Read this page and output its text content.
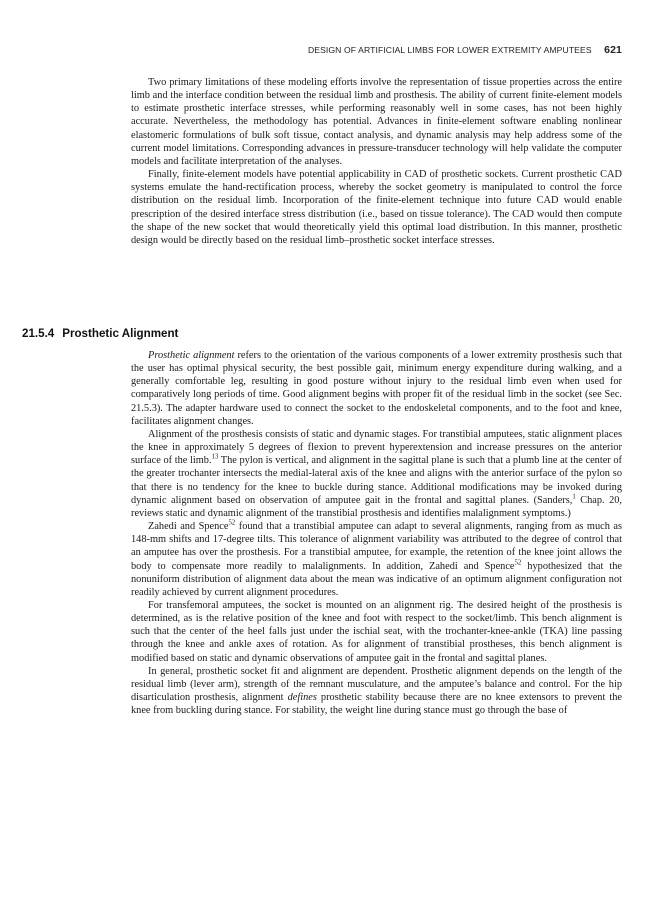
DESIGN OF ARTIFICIAL LIMBS FOR LOWER EXTREMITY AMPUTEES 621

Two primary limitations of these modeling efforts involve the representation of tissue properties across the entire limb and the interface condition between the residual limb and prosthesis. The ability of current finite-element models to estimate prosthetic interface stresses, while performing reasonably well in some cases, has not been highly accurate. Nevertheless, the methodology has potential. Advances in finite-element software enabling nonlinear elastomeric formulations of bulk soft tissue, contact analysis, and dynamic analysis may help address some of the current model limitations. Corresponding advances in pressure-transducer technology will help validate the computer models and facilitate interpretation of the analyses.

Finally, finite-element models have potential applicability in CAD of prosthetic sockets. Current prosthetic CAD systems emulate the hand-rectification process, whereby the socket geometry is manipulated to control the force distribution on the residual limb. Incorporation of the finite-element technique into future CAD would enable prescription of the desired interface stress distribution (i.e., based on tissue tolerance). The CAD would then compute the shape of the new socket that would theoretically yield this optimal load distribution. In this manner, prosthetic design would be directly based on the residual limb–prosthetic socket interface stresses.

21.5.4 Prosthetic Alignment

Prosthetic alignment refers to the orientation of the various components of a lower extremity prosthesis such that the user has optimal physical security, the best possible gait, minimum energy expenditure during walking, and a generally comfortable leg, resulting in good posture without injury to the residual limb even when used for comparatively long periods of time. Good alignment begins with proper fit of the residual limb in the socket (see Sec. 21.5.3). The adapter hardware used to connect the socket to the endoskeletal components, and to the foot and knee, facilitates alignment changes.

Alignment of the prosthesis consists of static and dynamic stages. For transtibial amputees, static alignment places the knee in approximately 5 degrees of flexion to prevent hyperextension and increase pressures on the anterior surface of the limb.$^{13}$ The pylon is vertical, and alignment in the sagittal plane is such that a plumb line at the center of the greater trochanter intersects the medial-lateral axis of the knee and aligns with the anterior surface of the pylon so that there is no tendency for the knee to buckle during stance. Additional modifications may be invoked during dynamic alignment based on observation of amputee gait in the frontal and sagittal planes. (Sanders,$^1$ Chap. 20, reviews static and dynamic alignment of the transtibial prosthesis and identifies malalignment symptoms.)

Zahedi and Spence$^{52}$ found that a transtibial amputee can adapt to several alignments, ranging from as much as 148-mm shifts and 17-degree tilts. This tolerance of alignment variability was attributed to the degree of control that an amputee has over the prosthesis. For a transtibial amputee, for example, the retention of the knee joint allows the body to compensate more readily to malalignments. In addition, Zahedi and Spence$^{52}$ hypothesized that the nonuniform distribution of alignment data about the mean was indicative of an optimum alignment configuration not readily achieved by current alignment procedures.

For transfemoral amputees, the socket is mounted on an alignment rig. The desired height of the prosthesis is determined, as is the relative position of the knee and foot with respect to the socket/limb. This bench alignment is such that the center of the heel falls just under the ischial seat, with the trochanter-knee-ankle (TKA) line passing through the knee and ankle axes of rotation. As for alignment of transtibial prostheses, this bench alignment is modified based on static and dynamic observations of amputee gait in the frontal and sagittal planes.

In general, prosthetic socket fit and alignment are dependent. Prosthetic alignment depends on the length of the residual limb (lever arm), strength of the remnant musculature, and the amputee’s balance and control. For the hip disarticulation prosthesis, alignment defines prosthetic stability because there are no knee extensors to prevent the knee from buckling during stance. For stability, the weight line during stance must go through the base of
